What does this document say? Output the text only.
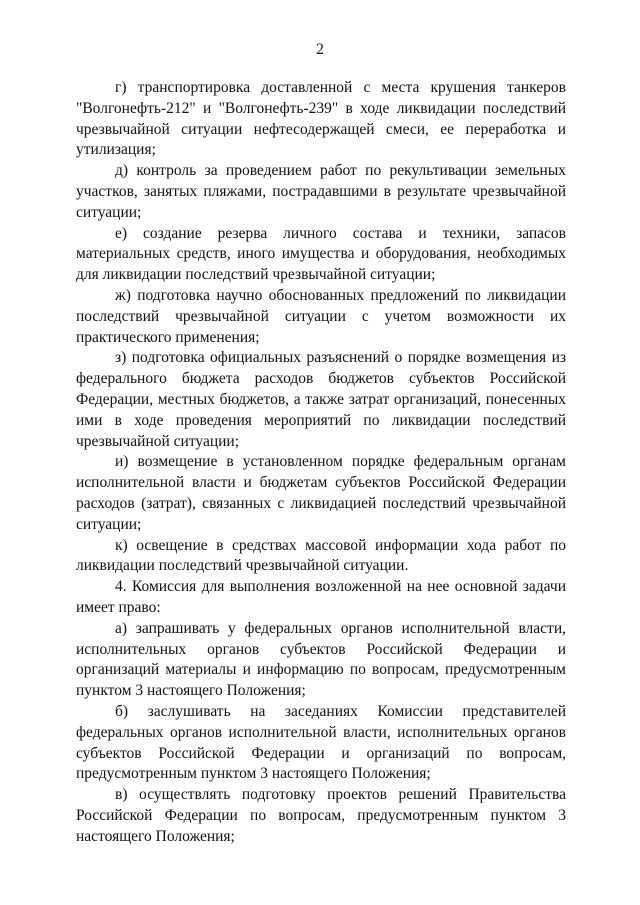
2

г) транспортировка доставленной с места крушения танкеров "Волгонефть-212" и "Волгонефть-239" в ходе ликвидации последствий чрезвычайной ситуации нефтесодержащей смеси, ее переработка и утилизация;

д) контроль за проведением работ по рекультивации земельных участков, занятых пляжами, пострадавшими в результате чрезвычайной ситуации;

е) создание резерва личного состава и техники, запасов материальных средств, иного имущества и оборудования, необходимых для ликвидации последствий чрезвычайной ситуации;

ж) подготовка научно обоснованных предложений по ликвидации последствий чрезвычайной ситуации с учетом возможности их практического применения;

з) подготовка официальных разъяснений о порядке возмещения из федерального бюджета расходов бюджетов субъектов Российской Федерации, местных бюджетов, а также затрат организаций, понесенных ими в ходе проведения мероприятий по ликвидации последствий чрезвычайной ситуации;

и) возмещение в установленном порядке федеральным органам исполнительной власти и бюджетам субъектов Российской Федерации расходов (затрат), связанных с ликвидацией последствий чрезвычайной ситуации;

к) освещение в средствах массовой информации хода работ по ликвидации последствий чрезвычайной ситуации.

4. Комиссия для выполнения возложенной на нее основной задачи имеет право:

а) запрашивать у федеральных органов исполнительной власти, исполнительных органов субъектов Российской Федерации и организаций материалы и информацию по вопросам, предусмотренным пунктом 3 настоящего Положения;

б) заслушивать на заседаниях Комиссии представителей федеральных органов исполнительной власти, исполнительных органов субъектов Российской Федерации и организаций по вопросам, предусмотренным пунктом 3 настоящего Положения;

в) осуществлять подготовку проектов решений Правительства Российской Федерации по вопросам, предусмотренным пунктом 3 настоящего Положения;
